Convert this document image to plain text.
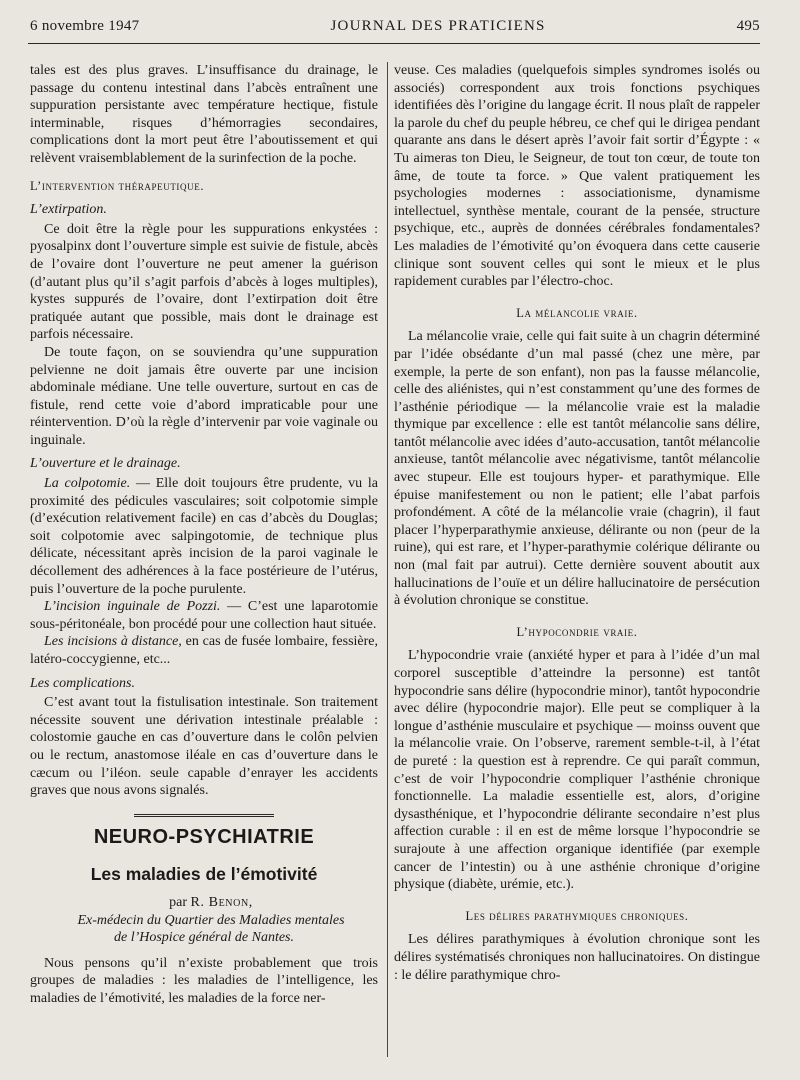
6 novembre 1947	JOURNAL DES PRATICIENS	495

tales est des plus graves. L’insuffisance du drainage, le passage du contenu intestinal dans l’abcès entraînent une suppuration persistante avec température hectique, fistule interminable, risques d’hémorragies secondaires, complications dont la mort peut être l’aboutissement et qui relèvent vraisemblablement de la surinfection de la poche.

L’intervention thérapeutique.
L’extirpation.

Ce doit être la règle pour les suppurations enkystées : pyosalpinx dont l’ouverture simple est suivie de fistule, abcès de l’ovaire dont l’ouverture ne peut amener la guérison (d’autant plus qu’il s’agit parfois d’abcès à loges multiples), kystes suppurés de l’ovaire, dont l’extirpation doit être pratiquée autant que possible, mais dont le drainage est parfois nécessaire.

De toute façon, on se souviendra qu’une suppuration pelvienne ne doit jamais être ouverte par une incision abdominale médiane. Une telle ouverture, surtout en cas de fistule, rend cette voie d’abord impraticable pour une réintervention. D’où la règle d’intervenir par voie vaginale ou inguinale.

L’ouverture et le drainage.

La colpotomie. — Elle doit toujours être prudente, vu la proximité des pédicules vasculaires; soit colpotomie simple (d’exécution relativement facile) en cas d’abcès du Douglas; soit colpotomie avec salpingotomie, de technique plus délicate, nécessitant après incision de la paroi vaginale le décollement des adhérences à la face postérieure de l’utérus, puis l’ouverture de la poche purulente.

L’incision inguinale de Pozzi. — C’est une laparotomie sous-péritonéale, bon procédé pour une collection haut située.

Les incisions à distance, en cas de fusée lombaire, fessière, latéro-coccygienne, etc...

Les complications.

C’est avant tout la fistulisation intestinale. Son traitement nécessite souvent une dérivation intestinale préalable : colostomie gauche en cas d’ouverture dans le colôn pelvien ou le rectum, anastomose iléale en cas d’ouverture dans le cæcum ou l’iléon. seule capable d’enrayer les accidents graves que nous avons signalés.

NEURO-PSYCHIATRIE
Les maladies de l’émotivité

par R. Benon,

Ex-médecin du Quartier des Maladies mentales
de l’Hospice général de Nantes.

Nous pensons qu’il n’existe probablement que trois groupes de maladies : les maladies de l’intelligence, les maladies de l’émotivité, les maladies de la force ner-

veuse. Ces maladies (quelquefois simples syndromes isolés ou associés) correspondent aux trois fonctions psychiques identifiées dès l’origine du langage écrit. Il nous plaît de rappeler la parole du chef du peuple hébreu, ce chef qui le dirigea pendant quarante ans dans le désert après l’avoir fait sortir d’Égypte : « Tu aimeras ton Dieu, le Seigneur, de tout ton cœur, de toute ton âme, de toute ta force. » Que valent pratiquement les psychologies modernes : associationisme, dynamisme intellectuel, synthèse mentale, courant de la pensée, structure psychique, etc., auprès de données cérébrales fondamentales? Les maladies de l’émotivité qu’on évoquera dans cette causerie clinique sont souvent celles qui sont le mieux et le plus rapidement curables par l’électro-choc.

La mélancolie vraie.

La mélancolie vraie, celle qui fait suite à un chagrin déterminé par l’idée obsédante d’un mal passé (chez une mère, par exemple, la perte de son enfant), non pas la fausse mélancolie, celle des aliénistes, qui n’est constamment qu’une des formes de l’asthénie périodique — la mélancolie vraie est la maladie thymique par excellence : elle est tantôt mélancolie sans délire, tantôt mélancolie avec idées d’auto-accusation, tantôt mélancolie anxieuse, tantôt mélancolie avec négativisme, tantôt mélancolie avec stupeur. Elle est toujours hyper- et parathymique. Elle épuise manifestement ou non le patient; elle l’abat parfois profondément. A côté de la mélancolie vraie (chagrin), il faut placer l’hyperparathymie anxieuse, délirante ou non (peur de la ruine), qui est rare, et l’hyper-parathymie colérique délirante ou non (mal fait par autrui). Cette dernière souvent aboutit aux hallucinations de l’ouïe et un délire hallucinatoire de persécution à évolution chronique se constitue.

L’hypocondrie vraie.

L’hypocondrie vraie (anxiété hyper et para à l’idée d’un mal corporel susceptible d’atteindre la personne) est tantôt hypocondrie sans délire (hypocondrie minor), tantôt hypocondrie avec délire (hypocondrie major). Elle peut se compliquer à la longue d’asthénie musculaire et psychique — moinss ouvent que la mélancolie vraie. On l’observe, rarement semble-t-il, à l’état de pureté : la question est à reprendre. Ce qui paraît commun, c’est de voir l’hypocondrie compliquer l’asthénie chronique fonctionnelle. La maladie essentielle est, alors, d’origine dysasthénique, et l’hypocondrie délirante secondaire n’est plus affection curable : il en est de même lorsque l’hypocondrie se surajoute à une affection organique identifiée (par exemple cancer de l’intestin) ou à une asthénie chronique d’origine physique (diabète, urémie, etc.).

Les délires parathymiques chroniques.

Les délires parathymiques à évolution chronique sont les délires systématisés chroniques non hallucinatoires. On distingue : le délire parathymique chro-
